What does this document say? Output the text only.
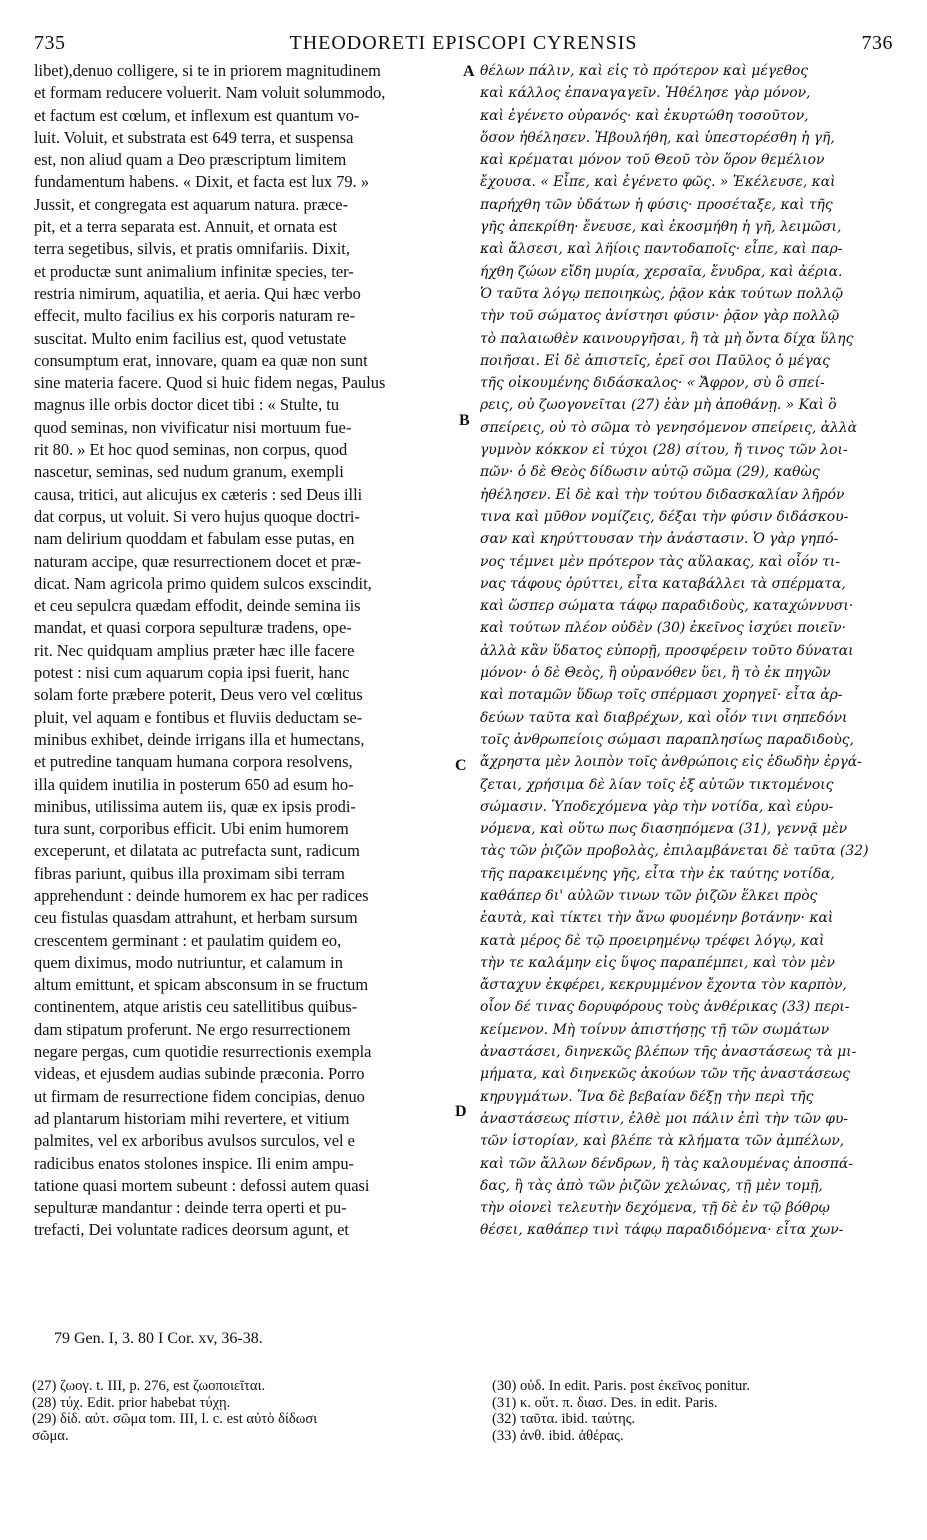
735	THEODORETI EPISCOPI CYRENSIS	736
libet),denuo colligere, si te in priorem magnitudinem
et formam reducere voluerit. Nam voluit solummodo,
et factum est cœlum, et inflexum est quantum vo-
luit. Voluit, et substrata est 649 terra, et suspensa
est, non aliud quam a Deo præscriptum limitem
fundamentum habens. « Dixit, et facta est lux 79. »
Jussit, et congregata est aquarum natura. præce-
pit, et a terra separata est. Annuit, et ornata est
terra segetibus, silvis, et pratis omnifariis. Dixit,
et productæ sunt animalium infinitæ species, ter-
restria nimirum, aquatilia, et aeria. Qui hæc verbo
effecit, multo facilius ex his corporis naturam re-
suscitat. Multo enim facilius est, quod vetustate
consumptum erat, innovare, quam ea quæ non sunt
sine materia facere. Quod si huic fidem negas, Paulus
magnus ille orbis doctor dicet tibi : « Stulte, tu
quod seminas, non vivificatur nisi mortuum fue-
rit 80. » Et hoc quod seminas, non corpus, quod
nascetur, seminas, sed nudum granum, exempli
causa, tritici, aut alicujus ex cæteris : sed Deus illi
dat corpus, ut voluit. Si vero hujus quoque doctri-
nam delirium quoddam et fabulam esse putas, en
naturam accipe, quæ resurrectionem docet et præ-
dicat. Nam agricola primo quidem sulcos exscindit,
et ceu sepulcra quædam effodit, deinde semina iis
mandat, et quasi corpora sepulturæ tradens, ope-
rit. Nec quidquam amplius præter hæc ille facere
potest : nisi cum aquarum copia ipsi fuerit, hanc
solam forte præbere poterit, Deus vero vel cœlitus
pluit, vel aquam e fontibus et fluviis deductam se-
minibus exhibet, deinde irrigans illa et humectans,
et putredine tanquam humana corpora resolvens,
illa quidem inutilia in posterum 650 ad esum ho-
minibus, utilissima autem iis, quæ ex ipsis prodi-
tura sunt, corporibus efficit. Ubi enim humorem
exceperunt, et dilatata ac putrefacta sunt, radicum
fibras pariunt, quibus illa proximam sibi terram
apprehendunt : deinde humorem ex hac per radices
ceu fistulas quasdam attrahunt, et herbam sursum
crescentem germinant : et paulatim quidem eo,
quem diximus, modo nutriuntur, et calamum in
altum emittunt, et spicam absconsum in se fructum
continentem, atque aristis ceu satellitibus quibus-
dam stipatum proferunt. Ne ergo resurrectionem
negare pergas, cum quotidie resurrectionis exempla
videas, et ejusdem audias subinde præconia. Porro
ut firmam de resurrectione fidem concipias, denuo
ad plantarum historiam mihi revertere, et vitium
palmites, vel ex arboribus avulsos surculos, vel e
radicibus enatos stolones inspice. Ili enim ampu-
tatione quasi mortem subeunt : defossi autem quasi
sepulturæ mandantur : deinde terra operti et pu-
trefacti, Dei voluntate radices deorsum agunt, et
θέλων πάλιν, καὶ εἰς τὸ πρότερον καὶ μέγεθος
καὶ κάλλος ἐπαναγαγεῖν. Ἠθέλησε γὰρ μόνον,
καὶ ἐγένετο οὐρανός· καὶ ἐκυρτώθη τοσοῦτον,
ὅσον ἠθέλησεν. Ἠβουλήθη, καὶ ὑπεστορέσθη ἡ γῆ,
καὶ κρέμαται μόνον τοῦ Θεοῦ τὸν ὅρον θεμέλιον
ἔχουσα. « Εἶπε, καὶ ἐγένετο φῶς. » Ἐκέλευσε, καὶ
παρήχθη τῶν ὑδάτων ἡ φύσις· προσέταξε, καὶ τῆς
γῆς ἀπεκρίθη· ἔνευσε, καὶ ἐκοσμήθη ἡ γῆ, λειμῶσι,
καὶ ἄλσεσι, καὶ λη̈ίοις παντοδαποῖς· εἶπε, καὶ παρ-
ήχθη ζώων εἴδη μυρία, χερσαῖα, ἔνυδρα, καὶ ἀέρια.
Ὁ ταῦτα λόγῳ πεποιηκὼς, ῥᾷον κἀκ τούτων πολλῷ
τὴν τοῦ σώματος ἀνίστησι φύσιν· ῥᾷον γὰρ πολλῷ
τὸ παλαιωθὲν καινουργῆσαι, ἢ τὰ μὴ ὄντα δίχα ὕλης
ποιῆσαι. Εἰ δὲ ἀπιστεῖς, ἐρεῖ σοι Παῦλος ὁ μέγας
τῆς οἰκουμένης διδάσκαλος· « Ἄφρον, σὺ ὃ σπεί-
ρεις, οὐ ζωογονεῖται (27) ἐὰν μὴ ἀποθάνῃ. » Καὶ ὃ
σπείρεις, οὐ τὸ σῶμα τὸ γενησόμενον σπείρεις, ἀλλὰ
γυμνὸν κόκκον εἰ τύχοι (28) σίτου, ἤ τινος τῶν λοι-
πῶν· ὁ δὲ Θεὸς δίδωσιν αὐτῷ σῶμα (29), καθὼς
ἠθέλησεν. Εἰ δὲ καὶ τὴν τούτου διδασκαλίαν λῆρόν
τινα καὶ μῦθον νομίζεις, δέξαι τὴν φύσιν διδάσκου-
σαν καὶ κηρύττουσαν τὴν ἀνάστασιν. Ὁ γὰρ γηπό-
νος τέμνει μὲν πρότερον τὰς αὔλακας, καὶ οἷόν τι-
νας τάφους ὀρύττει, εἶτα καταβάλλει τὰ σπέρματα,
καὶ ὥσπερ σώματα τάφῳ παραδιδοὺς, καταχώννυσι·
καὶ τούτων πλέον οὐδὲν (30) ἐκεῖνος ἰσχύει ποιεῖν·
ἀλλὰ κἂν ὕδατος εὐπορῇ, προσφέρειν τοῦτο δύναται
μόνον· ὁ δὲ Θεὸς, ἢ οὐρανόθεν ὕει, ἢ τὸ ἐκ πηγῶν
καὶ ποταμῶν ὕδωρ τοῖς σπέρμασι χορηγεῖ· εἶτα ἀρ-
δεύων ταῦτα καὶ διαβρέχων, καὶ οἷόν τινι σηπεδόνι
τοῖς ἀνθρωπείοις σώμασι παραπλησίως παραδιδοὺς,
ἄχρηστα μὲν λοιπὸν τοῖς ἀνθρώποις εἰς ἐδωδὴν ἐργά-
ζεται, χρήσιμα δὲ λίαν τοῖς ἐξ αὐτῶν τικτομένοις
σώμασιν. Ὑποδεχόμενα γὰρ τὴν νοτίδα, καὶ εὐρυ-
νόμενα, καὶ οὕτω πως διασηπόμενα (31), γεννᾷ μὲν
τὰς τῶν ῥιζῶν προβολὰς, ἐπιλαμβάνεται δὲ ταῦτα (32)
τῆς παρακειμένης γῆς, εἶτα τὴν ἐκ ταύτης νοτίδα,
καθάπερ δι' αὐλῶν τινων τῶν ῥιζῶν ἕλκει πρὸς
ἑαυτὰ, καὶ τίκτει τὴν ἄνω φυομένην βοτάνην· καὶ
κατὰ μέρος δὲ τῷ προειρημένῳ τρέφει λόγῳ, καὶ
τὴν τε καλάμην εἰς ὕψος παραπέμπει, καὶ τὸν μὲν
ἄσταχυν ἐκφέρει, κεκρυμμένον ἔχοντα τὸν καρπὸν,
οἷον δέ τινας δορυφόρους τοὺς ἀνθέρικας (33) περι-
κείμενον. Μὴ τοίνυν ἀπιστήσῃς τῇ τῶν σωμάτων
ἀναστάσει, διηνεκῶς βλέπων τῆς ἀναστάσεως τὰ μι-
μήματα, καὶ διηνεκῶς ἀκούων τῶν τῆς ἀναστάσεως
κηρυγμάτων. Ἵνα δὲ βεβαίαν δέξῃ τὴν περὶ τῆς
ἀναστάσεως πίστιν, ἐλθὲ μοι πάλιν ἐπὶ τὴν τῶν φυ-
τῶν ἱστορίαν, καὶ βλέπε τὰ κλήματα τῶν ἀμπέλων,
καὶ τῶν ἄλλων δένδρων, ἢ τὰς καλουμένας ἀποσπά-
δας, ἢ τὰς ἀπὸ τῶν ῥιζῶν χελώνας, τῇ μὲν τομῇ,
τὴν οἱονεὶ τελευτὴν δεχόμενα, τῇ δὲ ἐν τῷ βόθρῳ
θέσει, καθάπερ τινὶ τάφῳ παραδιδόμενα· εἶτα χων-
A
B
C
D
79 Gen. I, 3. 80 I Cor. xv, 36-38.
(27) ζωογ. t. III, p. 276, est ζωοποιεῖται.
(28) τύχ. Edit. prior habebat τύχῃ.
(29) δίδ. αὐτ. σῶμα tom. III, l. c. est αὐτὸ δίδωσι
σῶμα.
(30) οὐδ. In edit. Paris. post ἐκεῖνος ponitur.
(31) κ. οὕτ. π. διασ. Des. in edit. Paris.
(32) ταῦτα. ibid. ταύτης.
(33) ἀνθ. ibid. ἀθέρας.
